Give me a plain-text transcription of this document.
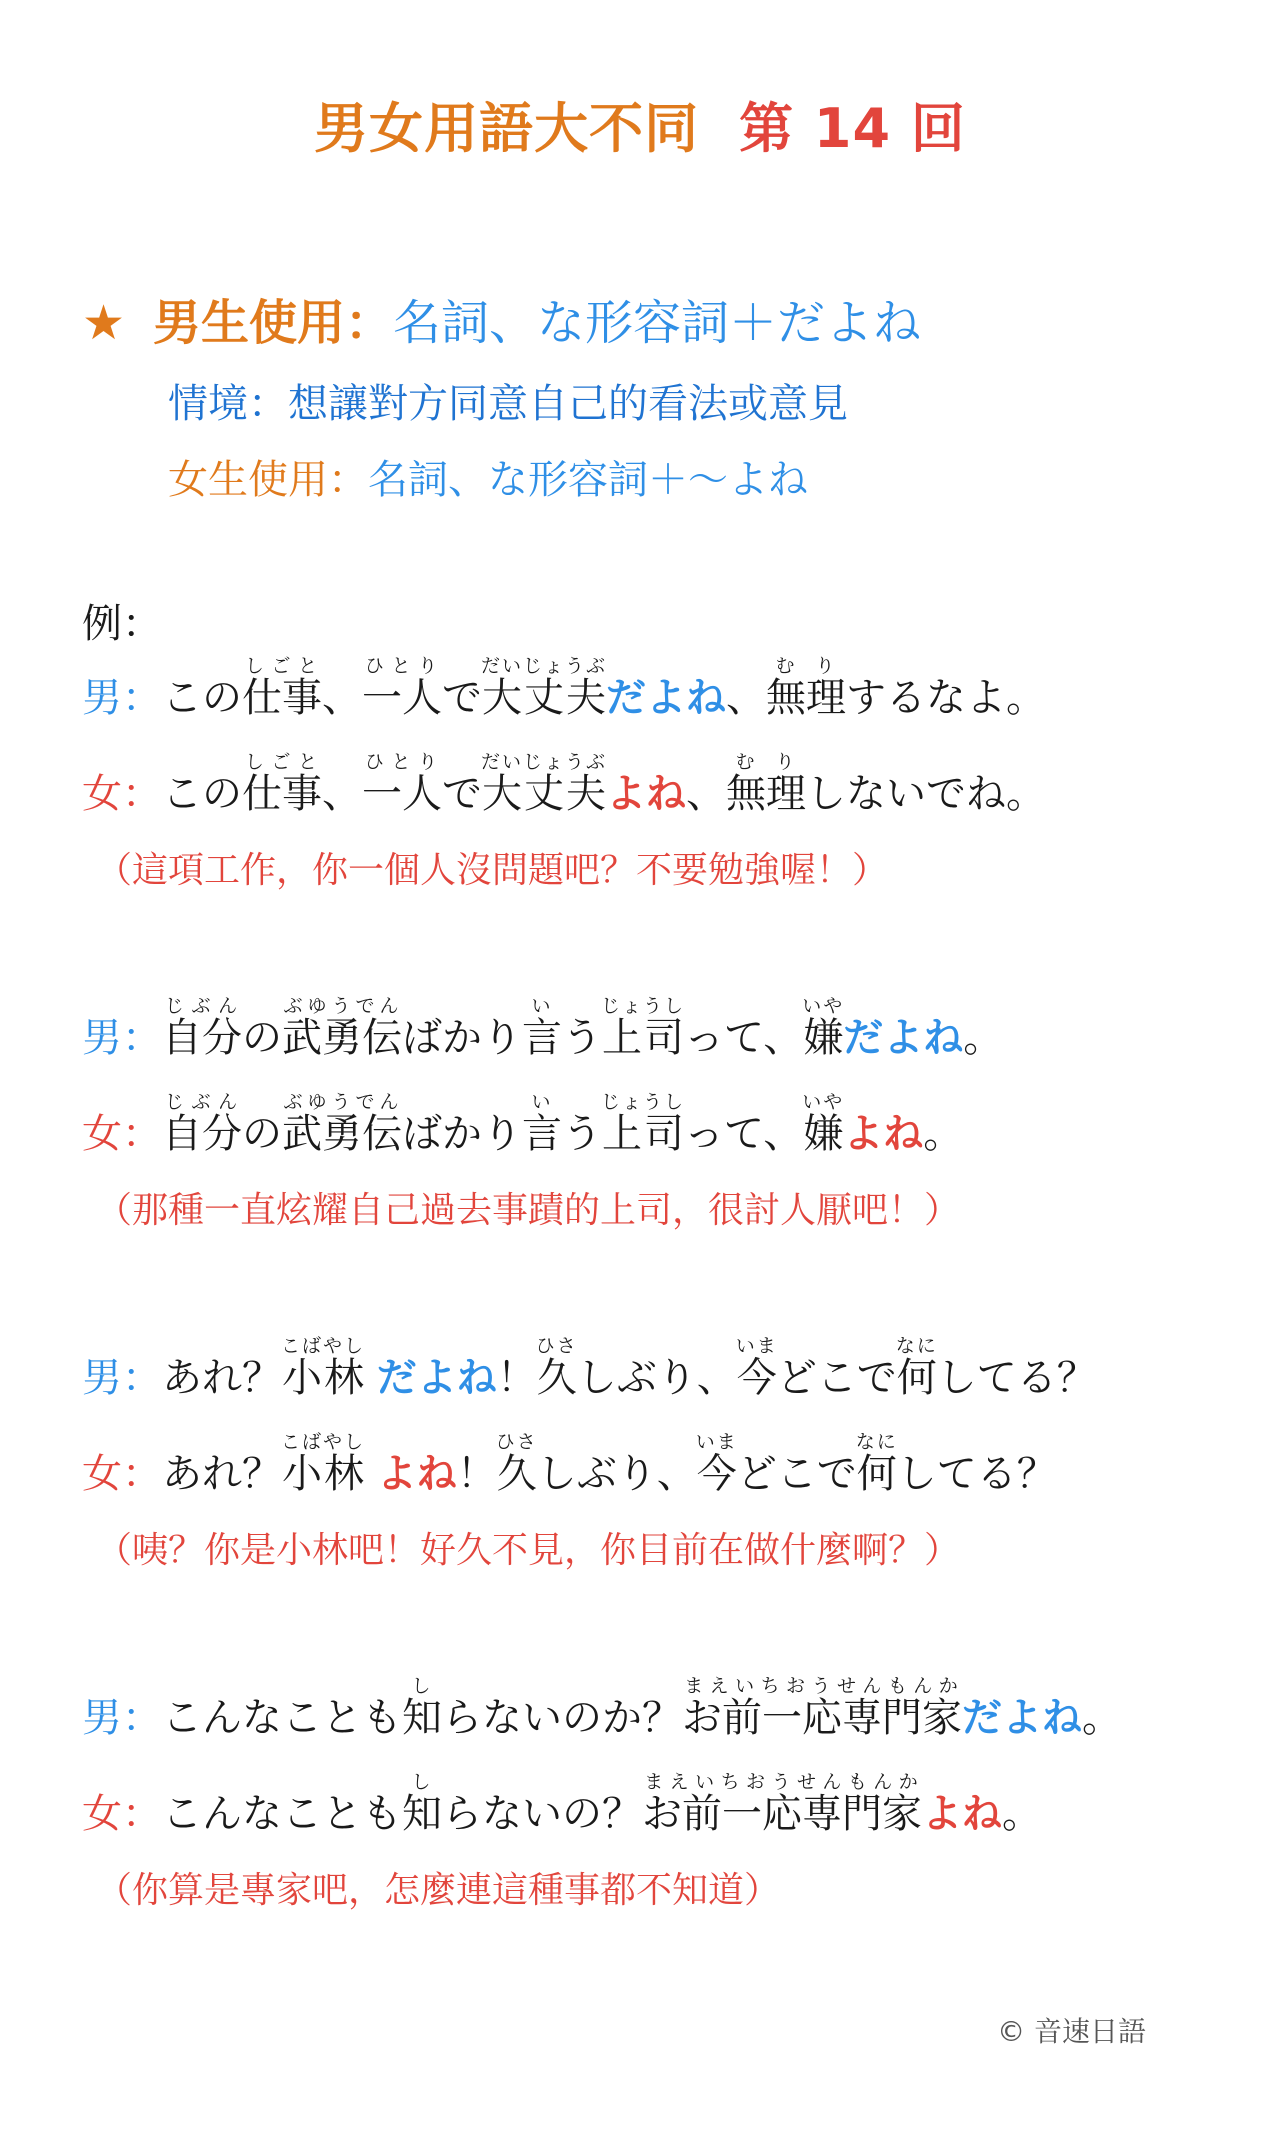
男女用語大不同 第 14 回
★ 男生使用：名詞、な形容詞＋だよね
情境：想讓對方同意自己的看法或意見
女生使用：名詞、な形容詞＋〜よね
例：
男：この仕事しごと、一人ひとりで大丈夫だいじょうぶだよね、無理むりするなよ。
女：この仕事しごと、一人ひとりで大丈夫だいじょうぶよね、無理むりしないでね。
（這項工作，你一個人沒問題吧？不要勉強喔！）
男：自分じぶんの武勇伝ぶゆうでんばかり言いう上司じょうしって、嫌いやだよね。
女：自分じぶんの武勇伝ぶゆうでんばかり言いう上司じょうしって、嫌いやよね。
（那種一直炫耀自己過去事蹟的上司，很討人厭吧！）
男：あれ？小林こばやし だよね！久ひさしぶり、今いまどこで何なにしてる？
女：あれ？小林こばやし よね！久ひさしぶり、今いまどこで何なにしてる？
（咦？你是小林吧！好久不見，你目前在做什麼啊？）
男：こんなことも知しらないのか？お前一応専門家まえいちおうせんもんかだよね。
女：こんなことも知しらないの？お前一応専門家まえいちおうせんもんかよね。
（你算是專家吧，怎麼連這種事都不知道）
© 音速日語
